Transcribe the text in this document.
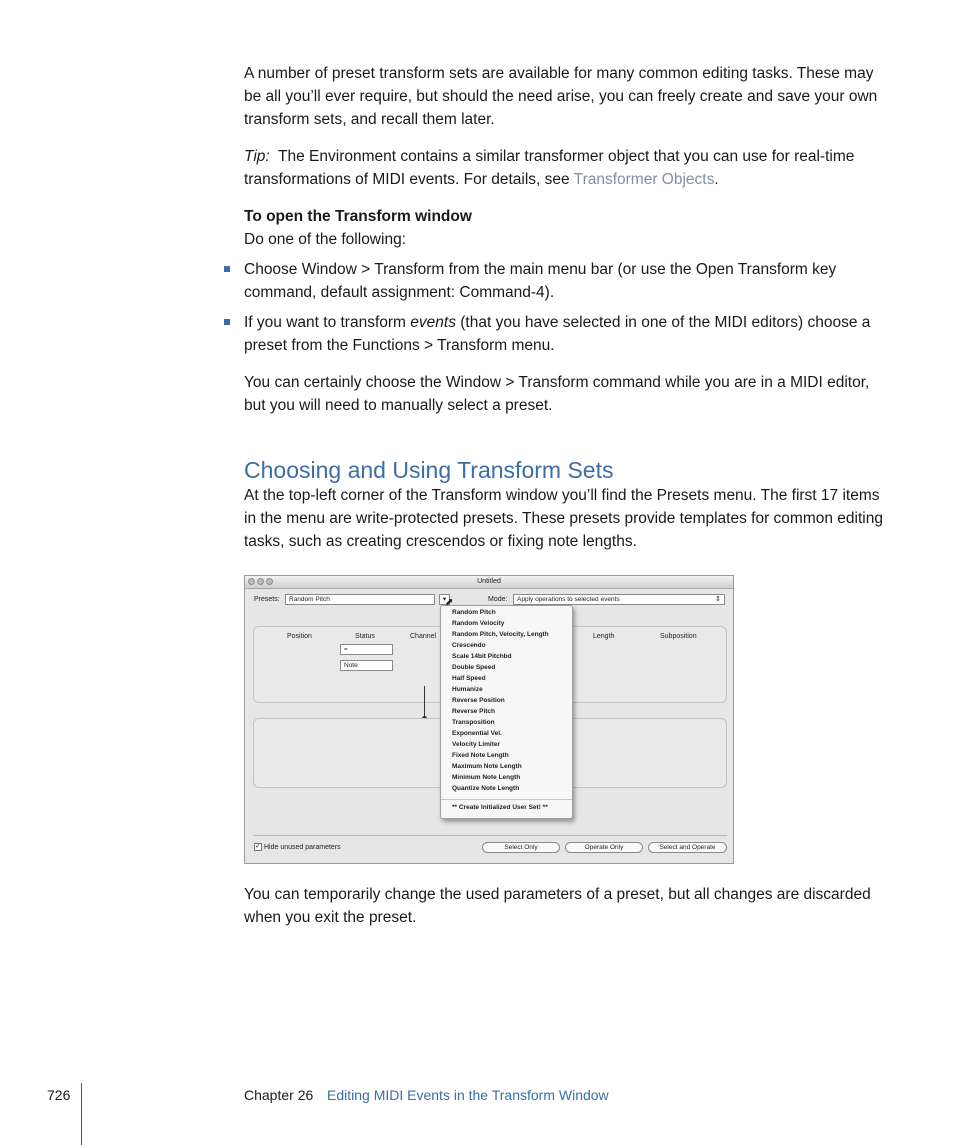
A number of preset transform sets are available for many common editing tasks. These may be all you’ll ever require, but should the need arise, you can freely create and save your own transform sets, and recall them later.

Tip: The Environment contains a similar transformer object that you can use for real-time transformations of MIDI events. For details, see Transformer Objects.

To open the Transform window

Do one of the following:

Choose Window > Transform from the main menu bar (or use the Open Transform key command, default assignment: Command-4).

If you want to transform events (that you have selected in one of the MIDI editors) choose a preset from the Functions > Transform menu.

You can certainly choose the Window > Transform command while you are in a MIDI editor, but you will need to manually select a preset.

Choosing and Using Transform Sets

At the top-left corner of the Transform window you’ll find the Presets menu. The first 17 items in the menu are write-protected presets. These presets provide templates for common editing tasks, such as creating crescendos or fixing note lengths.

Untitled
Presets:	Random Pitch	▾	Mode:	Apply operations to selected events	⇕
Position	Status	Channel	Length	Subposition
=
Note
Random Pitch
Random Velocity
Random Pitch, Velocity, Length
Crescendo
Scale 14bit Pitchbd
Double Speed
Half Speed
Humanize
Reverse Position
Reverse Pitch
Transposition
Exponential Vel.
Velocity Limiter
Fixed Note Length
Maximum Note Length
Minimum Note Length
Quantize Note Length
** Create Initialized User Set! **
⬈
✓ Hide unused parameters	Select Only	Operate Only	Select and Operate

You can temporarily change the used parameters of a preset, but all changes are discarded when you exit the preset.

726	Chapter 26 Editing MIDI Events in the Transform Window
